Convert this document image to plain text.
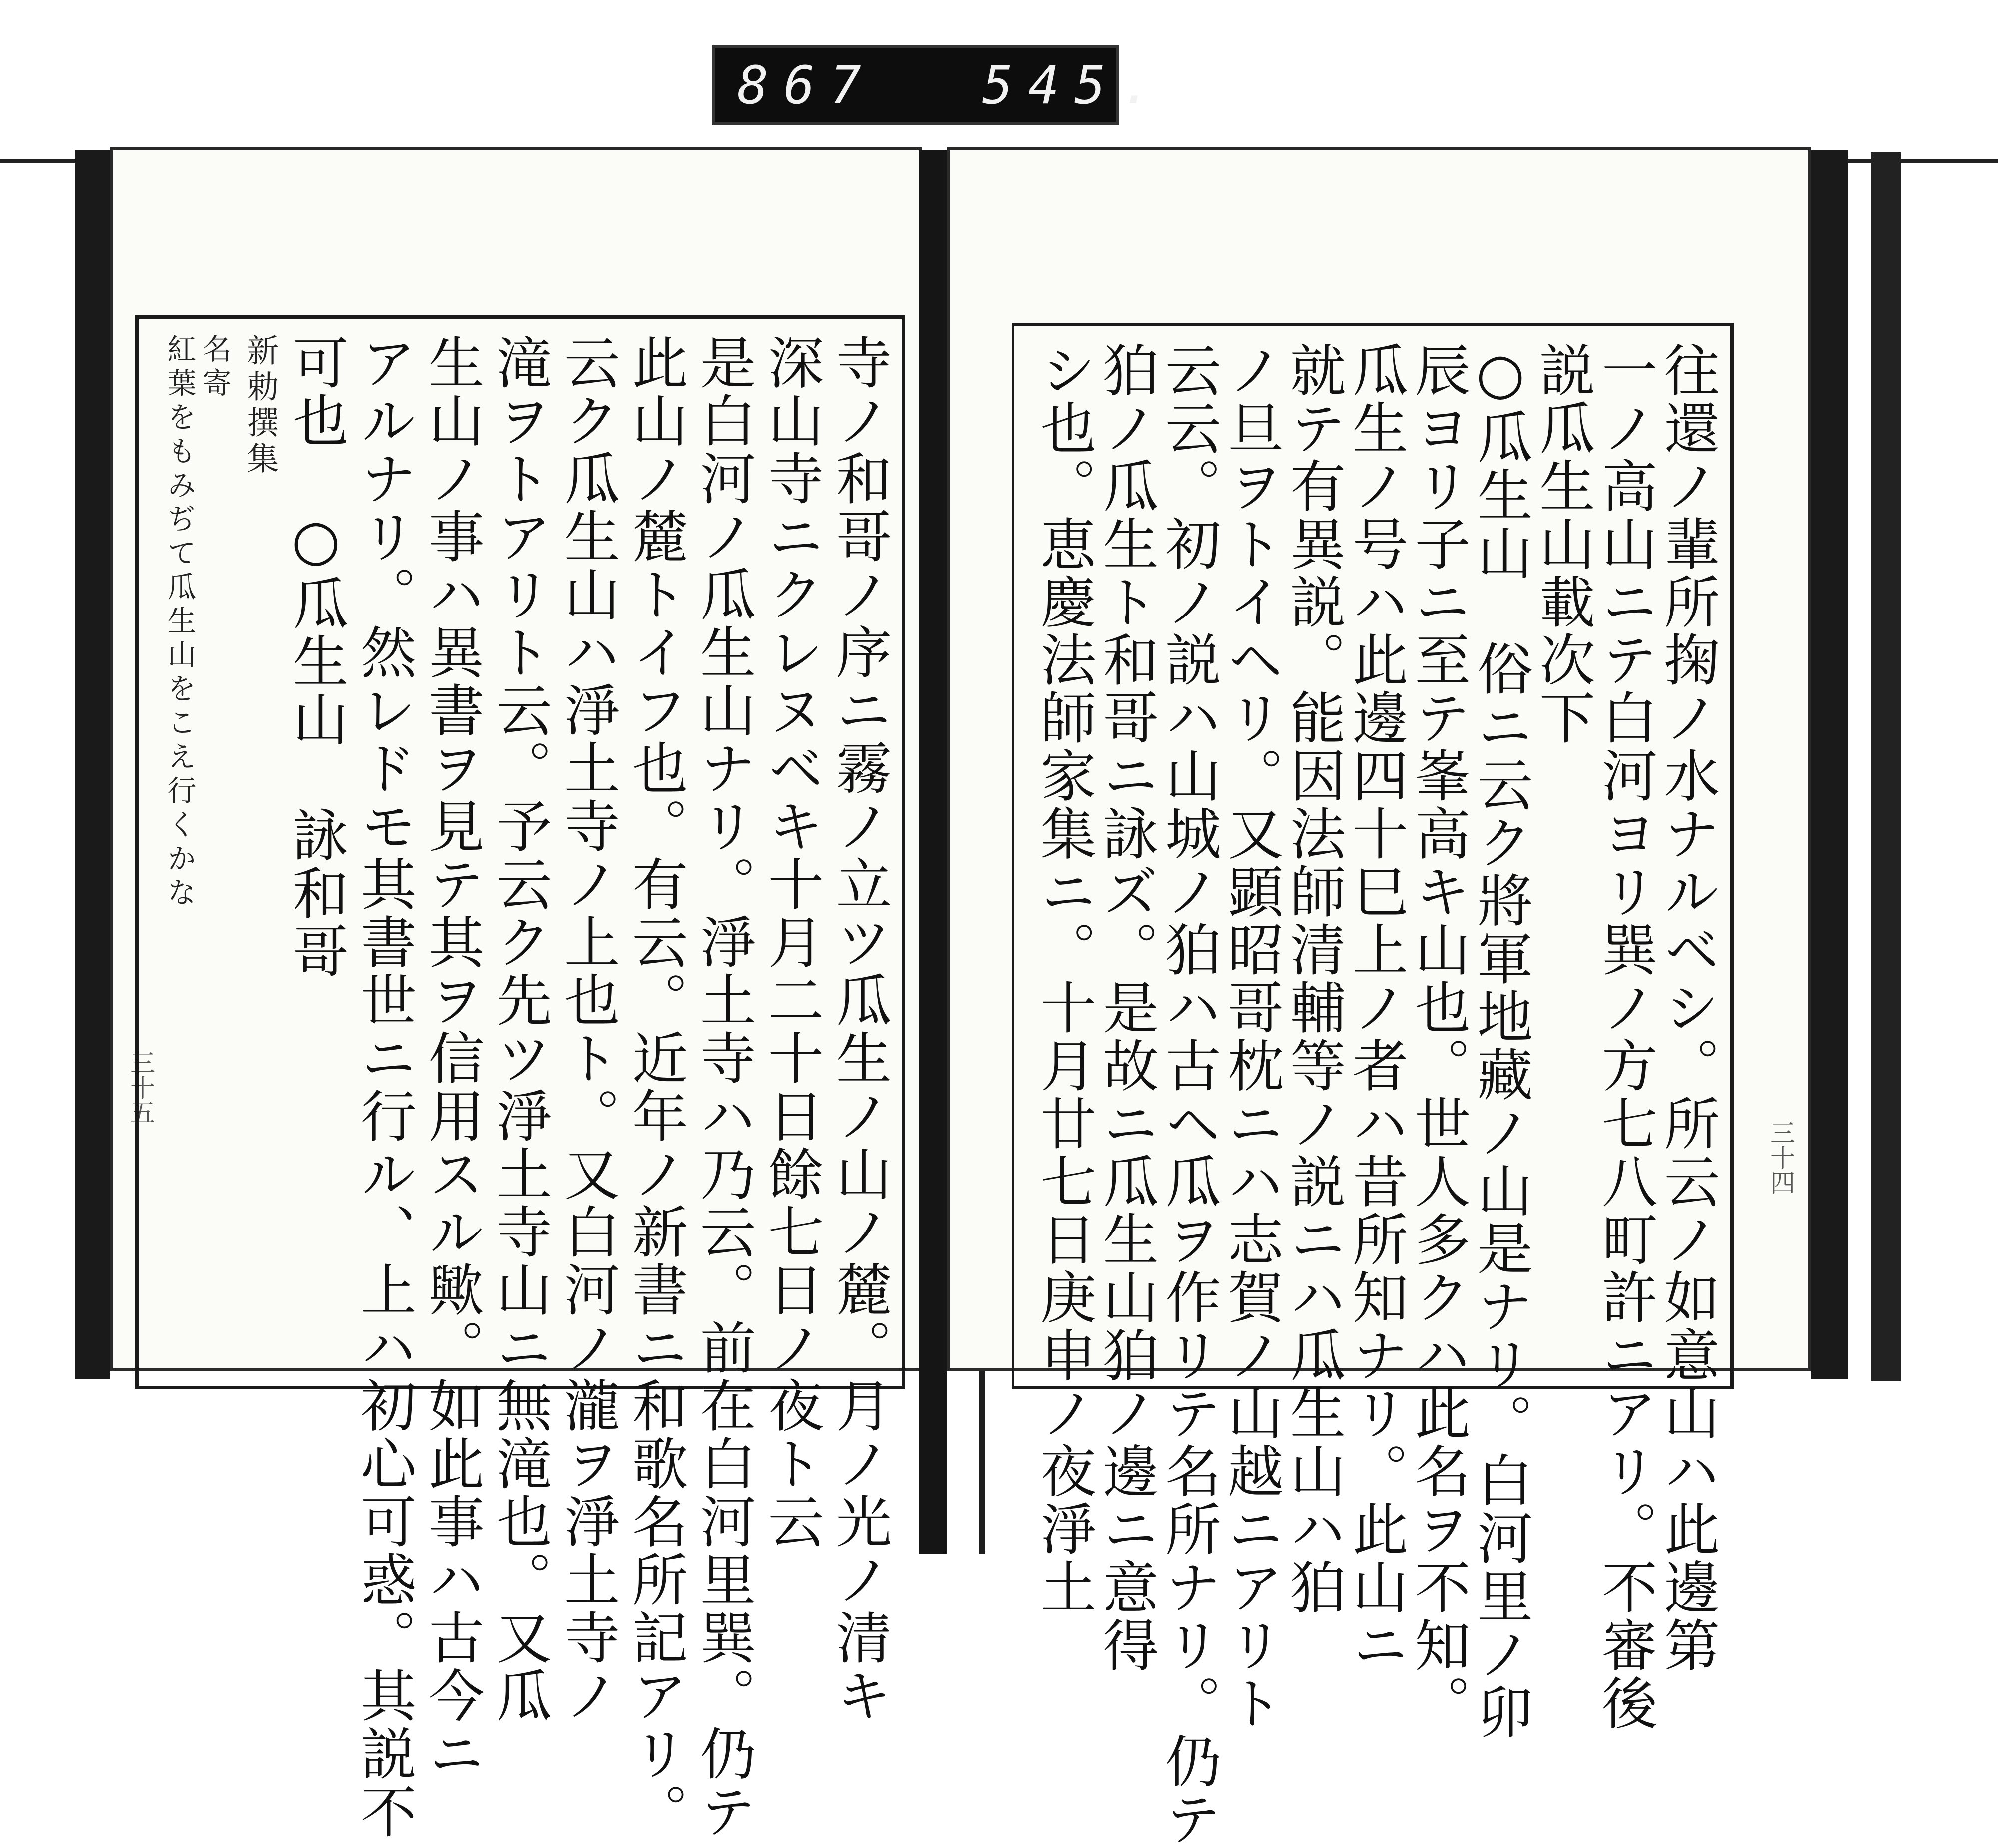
867 545.
三十五	寺ノ和哥ノ序ニ霧ノ立ツ瓜生ノ山ノ麓。月ノ光ノ清キ
深山寺ニクレヌベキ十月二十日餘七日ノ夜ト云
是白河ノ瓜生山ナリ。淨土寺ハ乃云。前在白河里巽。仍テ
此山ノ麓トイフ也。有云。近年ノ新書ニ和歌名所記アリ。
云ク瓜生山ハ淨土寺ノ上也ト。又白河ノ瀧ヲ淨土寺ノ
滝ヲトアリト云。予云ク先ツ淨土寺山ニ無滝也。又瓜
生山ノ事ハ異書ヲ見テ其ヲ信用スル歟。如此事ハ古今ニ
アルナリ。然レドモ其書世ニ行ル、上ハ初心可惑。其説不
可也　○瓜生山　詠和哥
新勅撰集
名寄
紅葉をもみぢて瓜生山をこえ行くかな
三十四
往還ノ輩所掬ノ水ナルベシ。所云ノ如意山ハ此邊第
一ノ高山ニテ白河ヨリ巽ノ方七八町許ニアリ。不審後
説瓜生山載次下
○瓜生山　俗ニ云ク將軍地藏ノ山是ナリ。白河里ノ卯
辰ヨリ子ニ至テ峯高キ山也。世人多クハ此名ヲ不知。
瓜生ノ号ハ此邊四十巳上ノ者ハ昔所知ナリ。此山ニ
就テ有異説。能因法師清輔等ノ説ニハ瓜生山ハ狛
ノ旦ヲトイヘリ。又顕昭哥枕ニハ志賀ノ山越ニアリト
云云。初ノ説ハ山城ノ狛ハ古ヘ瓜ヲ作リテ名所ナリ。仍テ
狛ノ瓜生ト和哥ニ詠ズ。是故ニ瓜生山狛ノ邊ニ意得
シ也。恵慶法師家集ニ。十月廿七日庚申ノ夜淨土
